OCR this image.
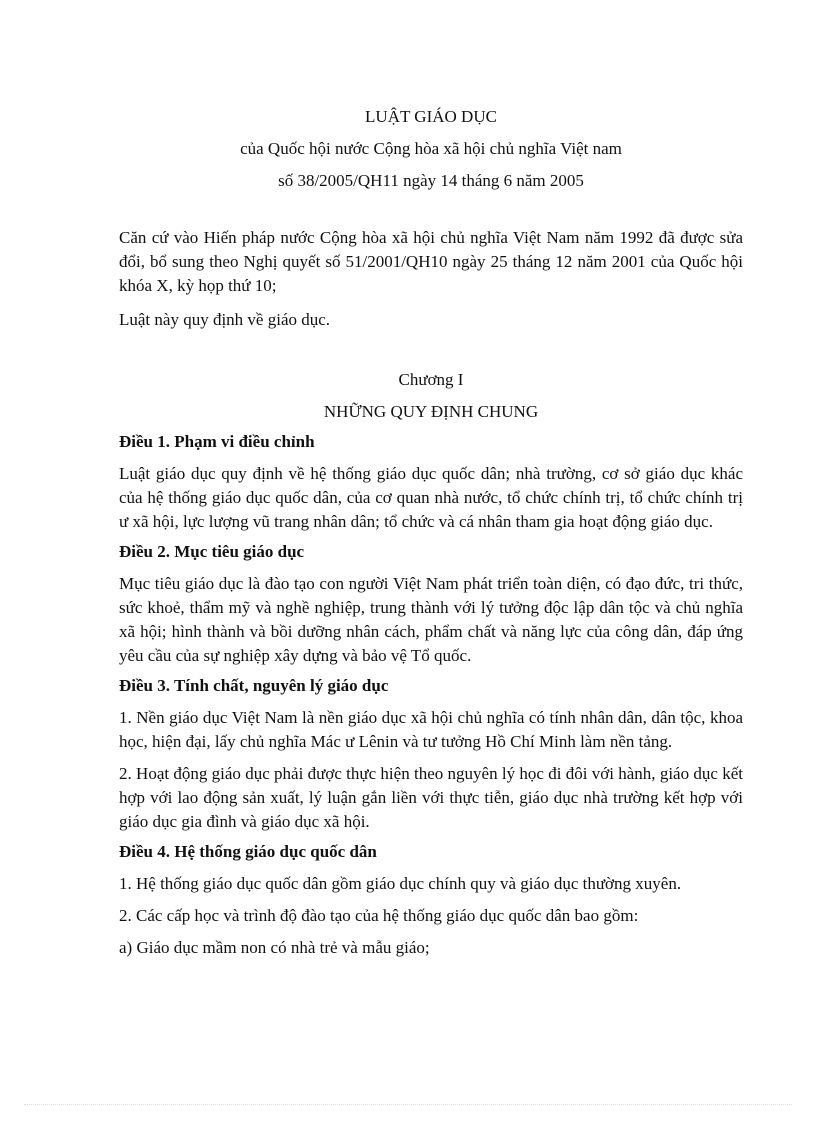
LUẬT GIÁO DỤC

của Quốc hội nước Cộng hòa xã hội chủ nghĩa Việt nam

số 38/2005/QH11 ngày 14 tháng 6 năm 2005

Căn cứ vào Hiến pháp nước Cộng hòa xã hội chủ nghĩa Việt Nam năm 1992 đã được sửa đổi, bổ sung theo Nghị quyết số 51/2001/QH10 ngày 25 tháng 12 năm 2001 của Quốc hội khóa X, kỳ họp thứ 10;

Luật này quy định về giáo dục.

Chương I

NHỮNG QUY ĐỊNH CHUNG

Điều 1. Phạm vi điều chỉnh

Luật giáo dục quy định về hệ thống giáo dục quốc dân; nhà trường, cơ sở giáo dục khác của hệ thống giáo dục quốc dân, của cơ quan nhà nước, tổ chức chính trị, tổ chức chính trị ư xã hội, lực lượng vũ trang nhân dân; tổ chức và cá nhân tham gia hoạt động giáo dục.

Điều 2. Mục tiêu giáo dục

Mục tiêu giáo dục là đào tạo con người Việt Nam phát triển toàn diện, có đạo đức, tri thức, sức khoẻ, thẩm mỹ và nghề nghiệp, trung thành với lý tưởng độc lập dân tộc và chủ nghĩa xã hội; hình thành và bồi dưỡng nhân cách, phẩm chất và năng lực của công dân, đáp ứng yêu cầu của sự nghiệp xây dựng và bảo vệ Tổ quốc.

Điều 3. Tính chất, nguyên lý giáo dục

1. Nền giáo dục Việt Nam là nền giáo dục xã hội chủ nghĩa có tính nhân dân, dân tộc, khoa học, hiện đại, lấy chủ nghĩa Mác ư Lênin và tư tưởng Hồ Chí Minh làm nền tảng.

2. Hoạt động giáo dục phải được thực hiện theo nguyên lý học đi đôi với hành, giáo dục kết hợp với lao động sản xuất, lý luận gắn liền với thực tiễn, giáo dục nhà trường kết hợp với giáo dục gia đình và giáo dục xã hội.

Điều 4. Hệ thống giáo dục quốc dân

1. Hệ thống giáo dục quốc dân gồm giáo dục chính quy và giáo dục thường xuyên.

2. Các cấp học và trình độ đào tạo của hệ thống giáo dục quốc dân bao gồm:

a) Giáo dục mầm non có nhà trẻ và mẫu giáo;
